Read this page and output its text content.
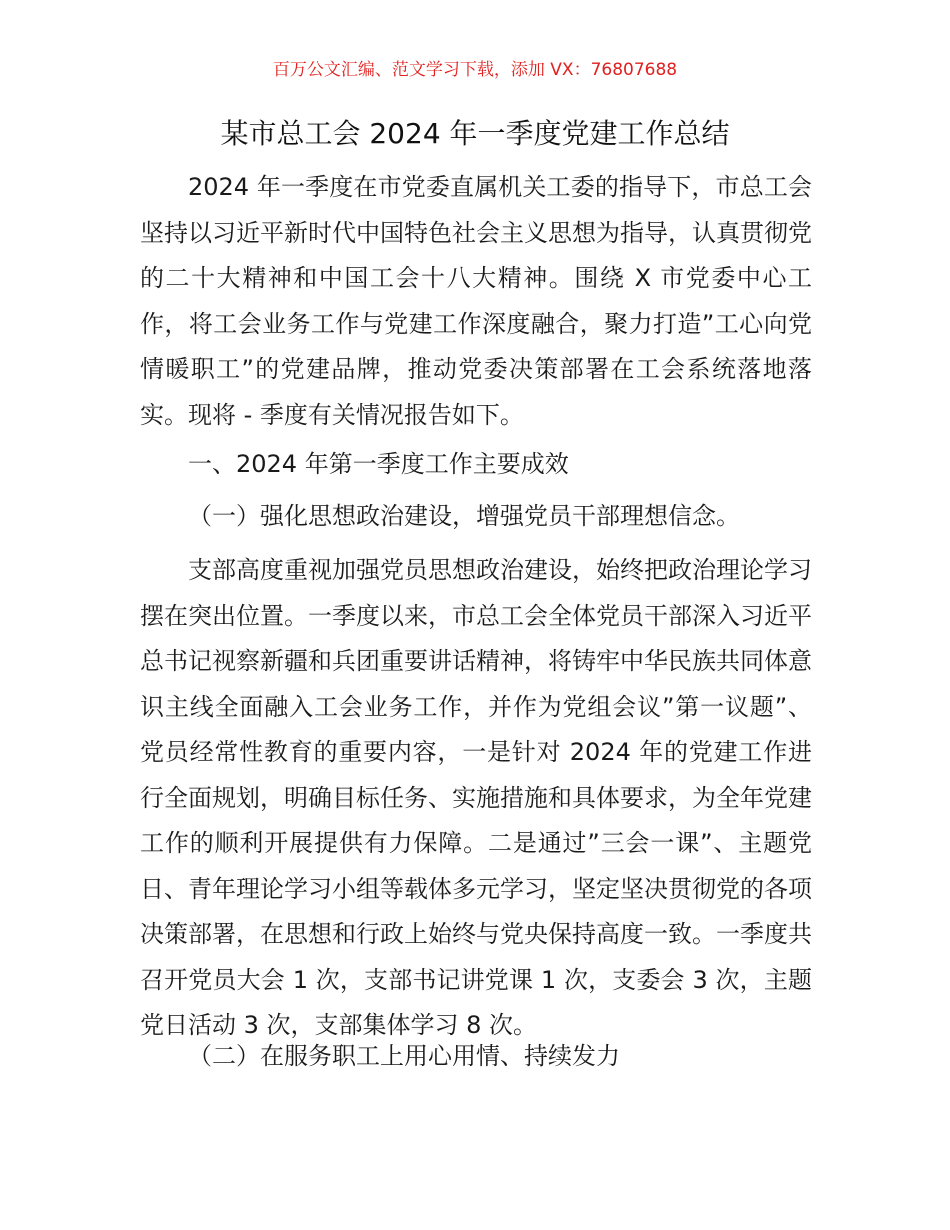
百万公文汇编、范文学习下载，添加 VX：76807688
某市总工会 2024 年一季度党建工作总结

2024 年一季度在市党委直属机关工委的指导下，市总工会坚持以习近平新时代中国特色社会主义思想为指导，认真贯彻党的二十大精神和中国工会十八大精神。围绕 X 市党委中心工作，将工会业务工作与党建工作深度融合，聚力打造”工心向党情暖职工”的党建品牌，推动党委决策部署在工会系统落地落实。现将 - 季度有关情况报告如下。

一、2024 年第一季度工作主要成效

（一）强化思想政治建设，增强党员干部理想信念。

支部高度重视加强党员思想政治建设，始终把政治理论学习摆在突出位置。一季度以来，市总工会全体党员干部深入习近平总书记视察新疆和兵团重要讲话精神，将铸牢中华民族共同体意识主线全面融入工会业务工作，并作为党组会议”第一议题”、党员经常性教育的重要内容，一是针对 2024 年的党建工作进行全面规划，明确目标任务、实施措施和具体要求，为全年党建工作的顺利开展提供有力保障。二是通过”三会一课”、主题党日、青年理论学习小组等载体多元学习，坚定坚决贯彻党的各项决策部署，在思想和行政上始终与党央保持高度一致。一季度共召开党员大会 1 次，支部书记讲党课 1 次，支委会 3 次，主题党日活动 3 次，支部集体学习 8 次。

（二）在服务职工上用心用情、持续发力
